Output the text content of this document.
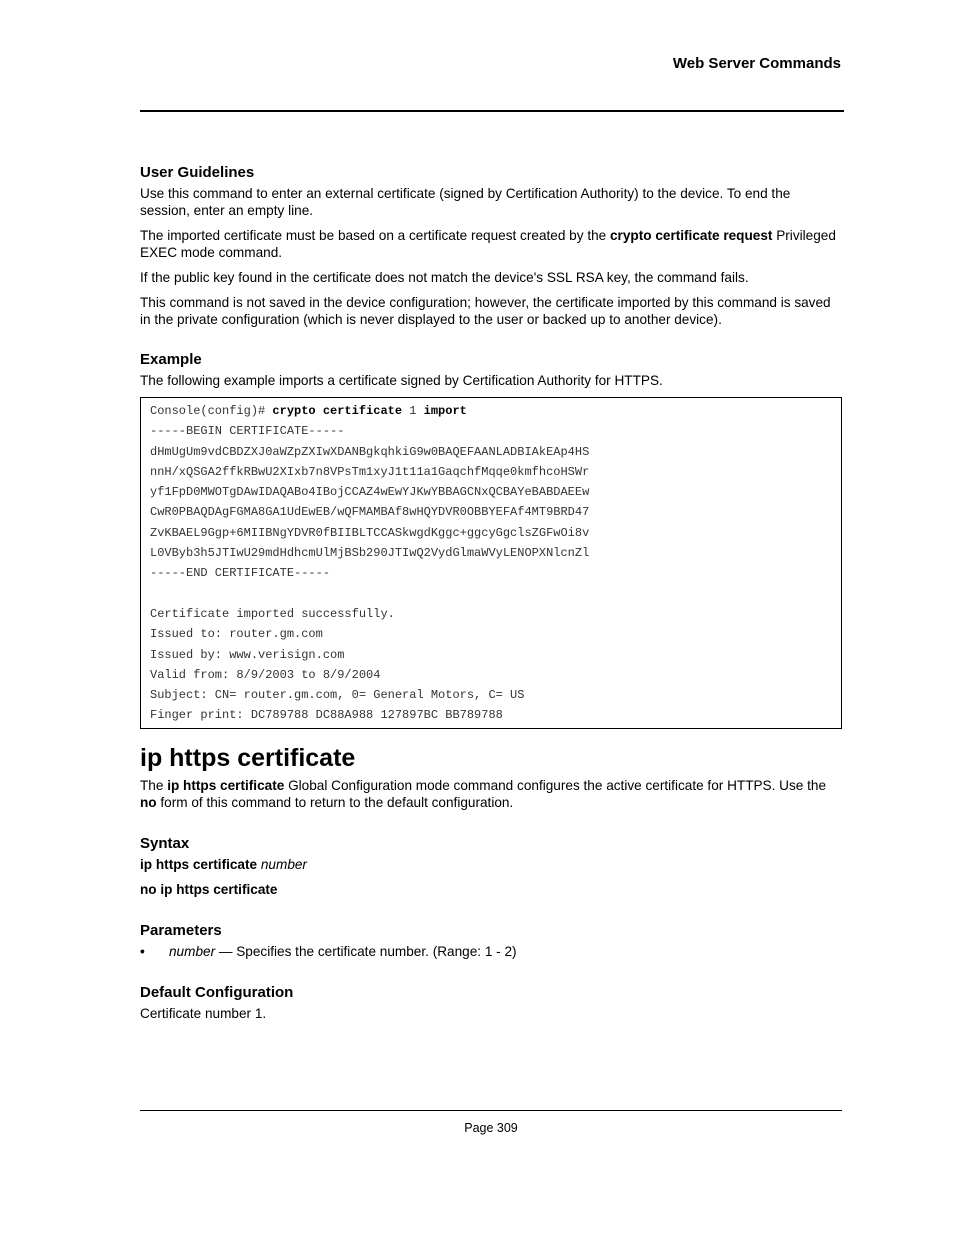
Web Server Commands
User Guidelines

Use this command to enter an external certificate (signed by Certification Authority) to the device. To end the session, enter an empty line.

The imported certificate must be based on a certificate request created by the crypto certificate request Privileged EXEC mode command.

If the public key found in the certificate does not match the device's SSL RSA key, the command fails.

This command is not saved in the device configuration; however, the certificate imported by this command is saved in the private configuration (which is never displayed to the user or backed up to another device).

Example

The following example imports a certificate signed by Certification Authority for HTTPS.

Console(config)# crypto certificate 1 import
-----BEGIN CERTIFICATE-----
dHmUgUm9vdCBDZXJ0aWZpZXIwXDANBgkqhkiG9w0BAQEFAANLADBIAkEAp4HS
nnH/xQSGA2ffkRBwU2XIxb7n8VPsTm1xyJ1t11a1GaqchfMqqe0kmfhcoHSWr
yf1FpD0MWOTgDAwIDAQABo4IBojCCAZ4wEwYJKwYBBAGCNxQCBAYeBABDAEEw
CwR0PBAQDAgFGMA8GA1UdEwEB/wQFMAMBAf8wHQYDVR0OBBYEFAf4MT9BRD47
ZvKBAEL9Ggp+6MIIBNgYDVR0fBIIBLTCCASkwgdKggc+ggcyGgclsZGFwOi8v
L0VByb3h5JTIwU29mdHdhcmUlMjBSb290JTIwQ2VydGlmaWVyLENOPXNlcnZl
-----END CERTIFICATE-----
Certificate imported successfully.
Issued to: router.gm.com
Issued by: www.verisign.com
Valid from: 8/9/2003 to 8/9/2004
Subject: CN= router.gm.com, 0= General Motors, C= US
Finger print: DC789788 DC88A988 127897BC BB789788
ip https certificate

The ip https certificate Global Configuration mode command configures the active certificate for HTTPS. Use the no form of this command to return to the default configuration.

Syntax

ip https certificate number

no ip https certificate

Parameters
• number — Specifies the certificate number. (Range: 1 - 2)
Default Configuration

Certificate number 1.

Page 309
